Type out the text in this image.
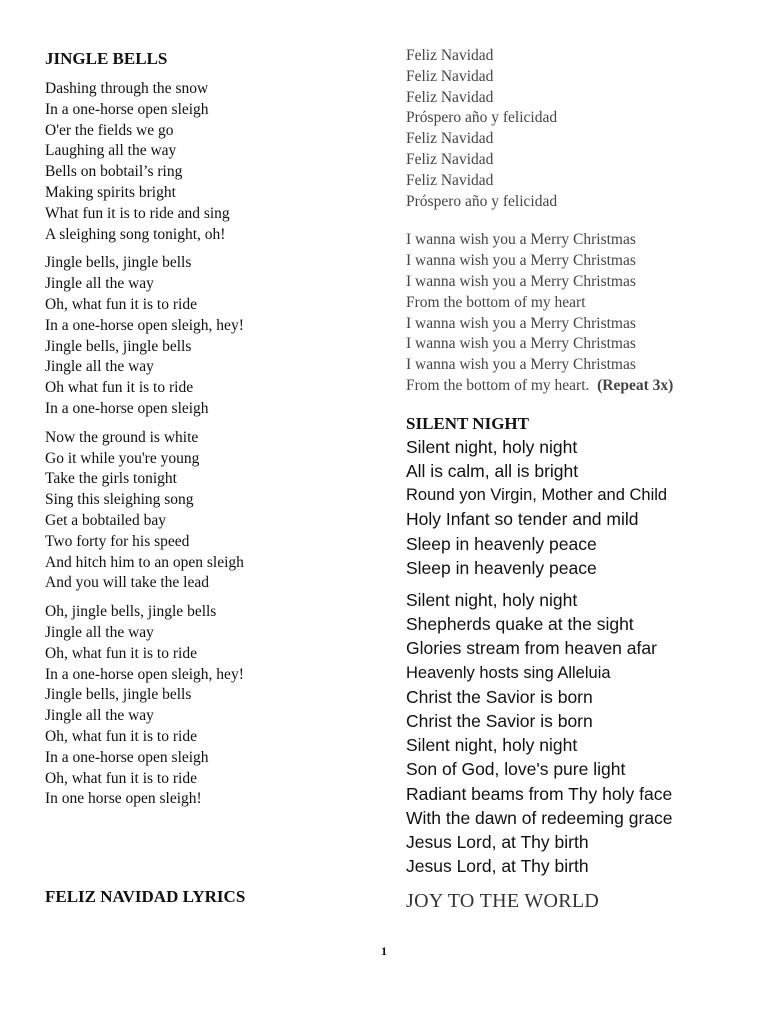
JINGLE BELLS
Dashing through the snow
In a one-horse open sleigh
O'er the fields we go
Laughing all the way
Bells on bobtail’s ring
Making spirits bright
What fun it is to ride and sing
A sleighing song tonight, oh!
Jingle bells, jingle bells
Jingle all the way
Oh, what fun it is to ride
In a one-horse open sleigh, hey!
Jingle bells, jingle bells
Jingle all the way
Oh what fun it is to ride
In a one-horse open sleigh
Now the ground is white
Go it while you're young
Take the girls tonight
Sing this sleighing song
Get a bobtailed bay
Two forty for his speed
And hitch him to an open sleigh
And you will take the lead
Oh, jingle bells, jingle bells
Jingle all the way
Oh, what fun it is to ride
In a one-horse open sleigh, hey!
Jingle bells, jingle bells
Jingle all the way
Oh, what fun it is to ride
In a one-horse open sleigh
Oh, what fun it is to ride
In one horse open sleigh!
FELIZ NAVIDAD LYRICS
Feliz Navidad
Feliz Navidad
Feliz Navidad
Próspero año y felicidad
Feliz Navidad
Feliz Navidad
Feliz Navidad
Próspero año y felicidad
I wanna wish you a Merry Christmas
I wanna wish you a Merry Christmas
I wanna wish you a Merry Christmas
From the bottom of my heart
I wanna wish you a Merry Christmas
I wanna wish you a Merry Christmas
I wanna wish you a Merry Christmas
From the bottom of my heart. (Repeat 3x)
SILENT NIGHT
Silent night, holy night
All is calm, all is bright
Round yon Virgin, Mother and Child
Holy Infant so tender and mild
Sleep in heavenly peace
Sleep in heavenly peace
Silent night, holy night
Shepherds quake at the sight
Glories stream from heaven afar
Heavenly hosts sing Alleluia
Christ the Savior is born
Christ the Savior is born
Silent night, holy night
Son of God, love's pure light
Radiant beams from Thy holy face
With the dawn of redeeming grace
Jesus Lord, at Thy birth
Jesus Lord, at Thy birth
JOY TO THE WORLD
1
